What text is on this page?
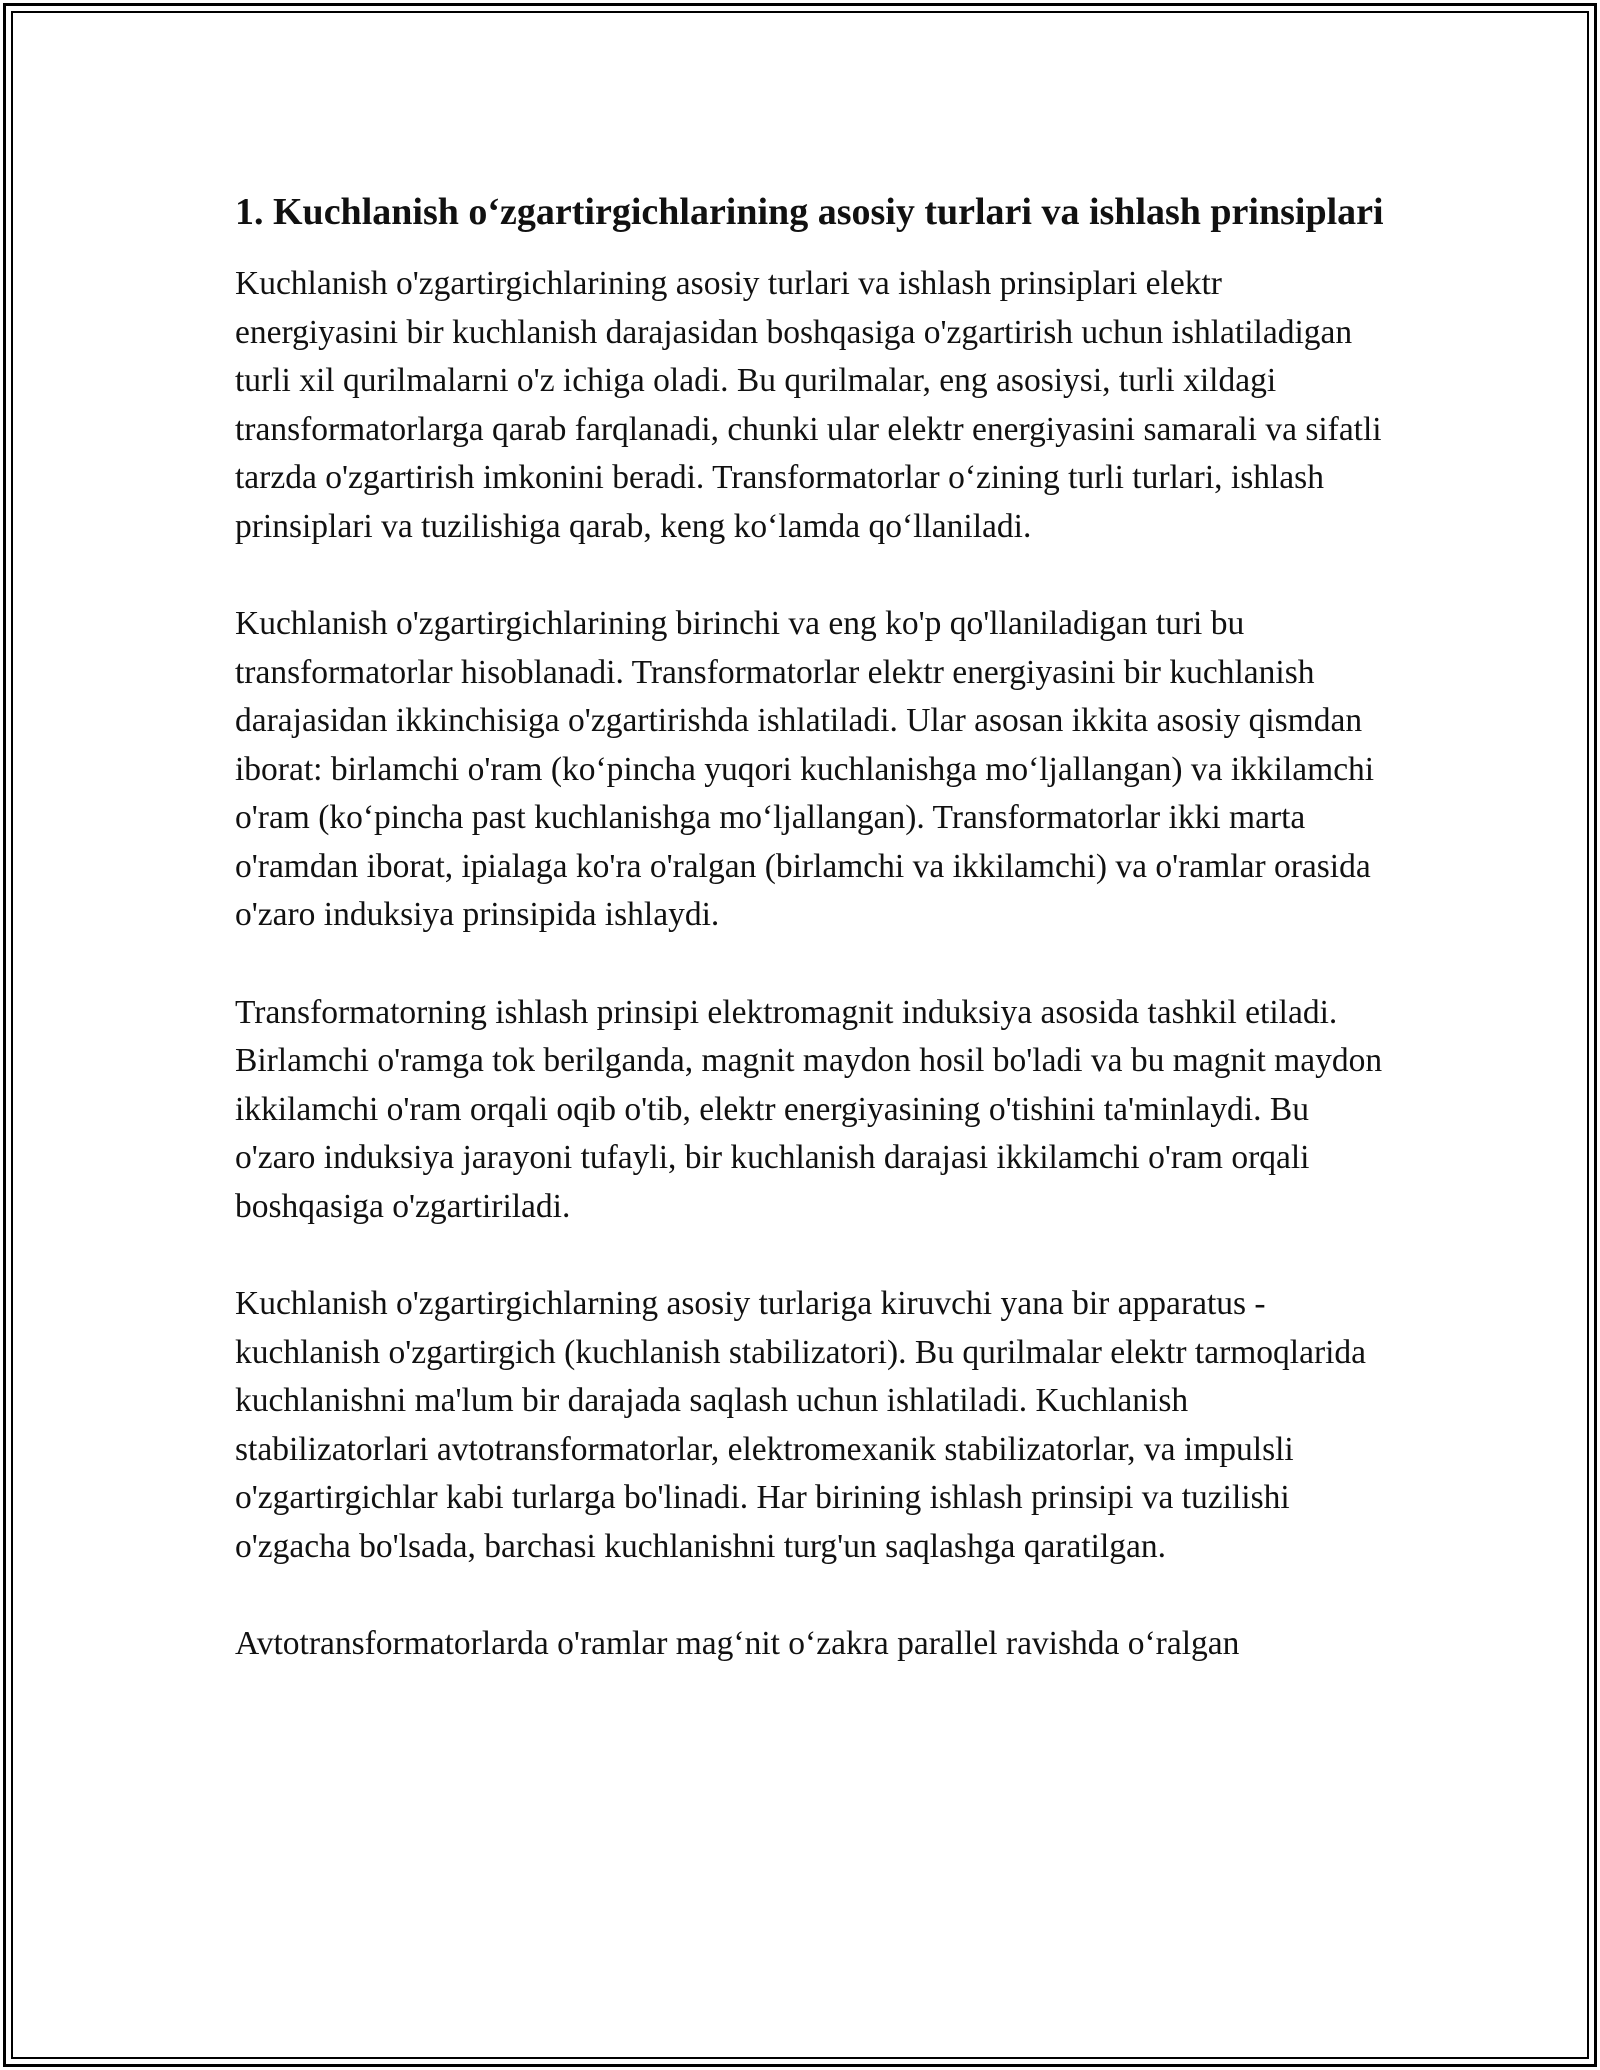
1. Kuchlanish o‘zgartirgichlarining asosiy turlari va ishlash prinsiplari

Kuchlanish o'zgartirgichlarining asosiy turlari va ishlash prinsiplari elektr energiyasini bir kuchlanish darajasidan boshqasiga o'zgartirish uchun ishlatiladigan turli xil qurilmalarni o'z ichiga oladi. Bu qurilmalar, eng asosiysi, turli xildagi transformatorlarga qarab farqlanadi, chunki ular elektr energiyasini samarali va sifatli tarzda o'zgartirish imkonini beradi. Transformatorlar o‘zining turli turlari, ishlash prinsiplari va tuzilishiga qarab, keng ko‘lamda qo‘llaniladi.

Kuchlanish o'zgartirgichlarining birinchi va eng ko'p qo'llaniladigan turi bu transformatorlar hisoblanadi. Transformatorlar elektr energiyasini bir kuchlanish darajasidan ikkinchisiga o'zgartirishda ishlatiladi. Ular asosan ikkita asosiy qismdan iborat: birlamchi o'ram (ko‘pincha yuqori kuchlanishga mo‘ljallangan) va ikkilamchi o'ram (ko‘pincha past kuchlanishga mo‘ljallangan). Transformatorlar ikki marta o'ramdan iborat, ipialaga ko'ra o'ralgan (birlamchi va ikkilamchi) va o'ramlar orasida o'zaro induksiya prinsipida ishlaydi.

Transformatorning ishlash prinsipi elektromagnit induksiya asosida tashkil etiladi. Birlamchi o'ramga tok berilganda, magnit maydon hosil bo'ladi va bu magnit maydon ikkilamchi o'ram orqali oqib o'tib, elektr energiyasining o'tishini ta'minlaydi. Bu o'zaro induksiya jarayoni tufayli, bir kuchlanish darajasi ikkilamchi o'ram orqali boshqasiga o'zgartiriladi.

Kuchlanish o'zgartirgichlarning asosiy turlariga kiruvchi yana bir apparatus - kuchlanish o'zgartirgich (kuchlanish stabilizatori). Bu qurilmalar elektr tarmoqlarida kuchlanishni ma'lum bir darajada saqlash uchun ishlatiladi. Kuchlanish stabilizatorlari avtotransformatorlar, elektromexanik stabilizatorlar, va impulsli o'zgartirgichlar kabi turlarga bo'linadi. Har birining ishlash prinsipi va tuzilishi o'zgacha bo'lsada, barchasi kuchlanishni turg'un saqlashga qaratilgan.

Avtotransformatorlarda o'ramlar mag‘nit o‘zakra parallel ravishda o‘ralgan
